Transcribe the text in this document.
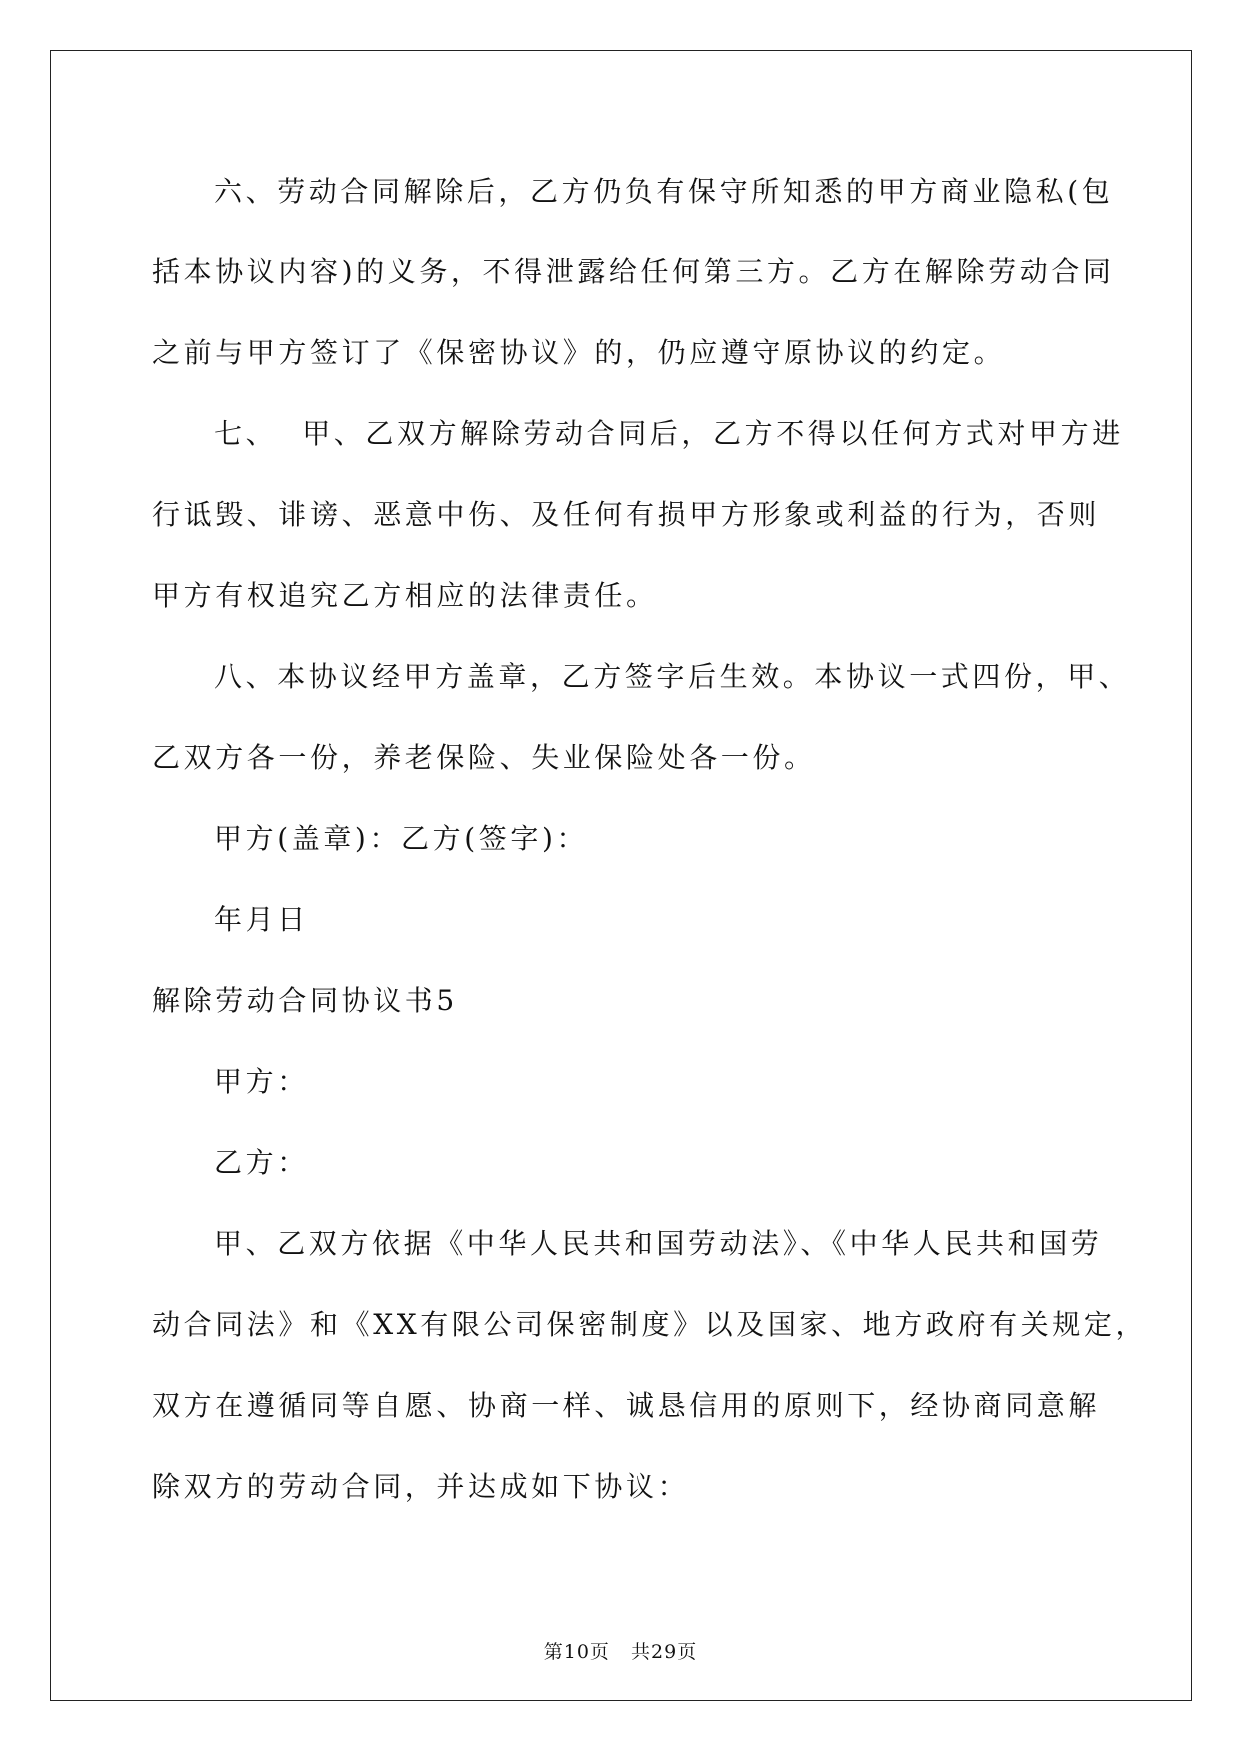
六、劳动合同解除后，乙方仍负有保守所知悉的甲方商业隐私(包
括本协议内容)的义务，不得泄露给任何第三方。乙方在解除劳动合同
之前与甲方签订了《保密协议》的，仍应遵守原协议的约定。
七、  甲、乙双方解除劳动合同后，乙方不得以任何方式对甲方进
行诋毁、诽谤、恶意中伤、及任何有损甲方形象或利益的行为，否则
甲方有权追究乙方相应的法律责任。
八、本协议经甲方盖章，乙方签字后生效。本协议一式四份，甲、
乙双方各一份，养老保险、失业保险处各一份。
甲方(盖章)：乙方(签字)：
年月日
解除劳动合同协议书5
甲方：
乙方：
甲、乙双方依据《中华人民共和国劳动法》、《中华人民共和国劳
动合同法》和《XX有限公司保密制度》以及国家、地方政府有关规定，
双方在遵循同等自愿、协商一样、诚恳信用的原则下，经协商同意解
除双方的劳动合同，并达成如下协议：
第10页   共29页
